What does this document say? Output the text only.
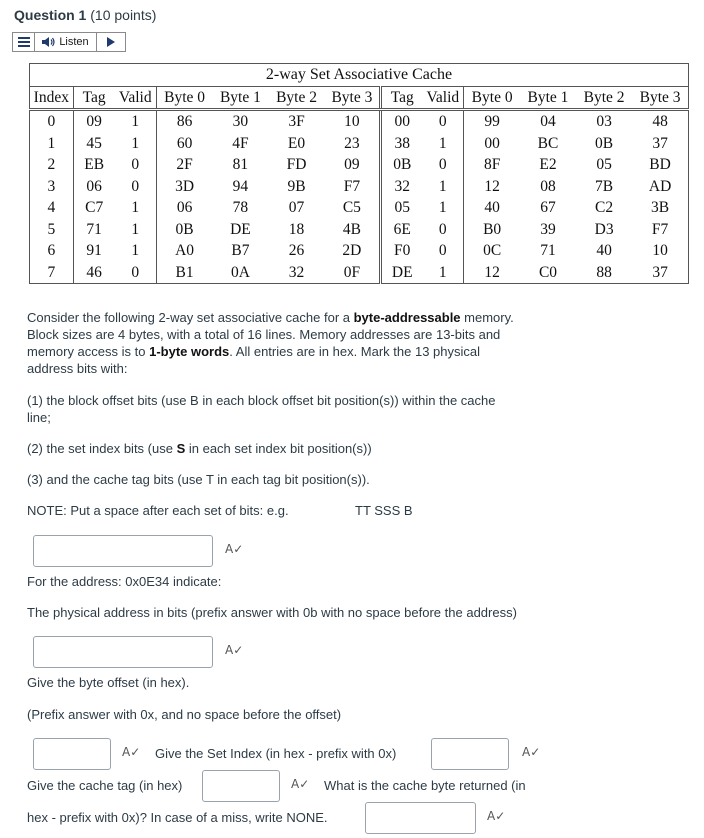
Question 1 (10 points)
Listen
2-way Set Associative Cache												
Index	Tag	Valid	Byte 0	Byte 1	Byte 2	Byte 3	Tag	Valid	Byte 0	Byte 1	Byte 2	Byte 3
0	09	1	86	30	3F	10	00	0	99	04	03	48
1	45	1	60	4F	E0	23	38	1	00	BC	0B	37
2	EB	0	2F	81	FD	09	0B	0	8F	E2	05	BD
3	06	0	3D	94	9B	F7	32	1	12	08	7B	AD
4	C7	1	06	78	07	C5	05	1	40	67	C2	3B
5	71	1	0B	DE	18	4B	6E	0	B0	39	D3	F7
6	91	1	A0	B7	26	2D	F0	0	0C	71	40	10
7	46	0	B1	0A	32	0F	DE	1	12	C0	88	37
Consider the following 2-way set associative cache for a byte-addressable memory.
Block sizes are 4 bytes, with a total of 16 lines. Memory addresses are 13-bits and
memory access is to 1-byte words. All entries are in hex. Mark the 13 physical
address bits with:
(1) the block offset bits (use B in each block offset bit position(s)) within the cache
line;
(2) the set index bits (use S in each set index bit position(s))
(3) and the cache tag bits (use T in each tag bit position(s)).
NOTE: Put a space after each set of bits: e.g.	TT SSS B
A✓
For the address: 0x0E34 indicate:
The physical address in bits (prefix answer with 0b with no space before the address)
A✓
Give the byte offset (in hex).
(Prefix answer with 0x, and no space before the offset)
A✓ Give the Set Index (in hex - prefix with 0x)	A✓
Give the cache tag (in hex)	A✓ What is the cache byte returned (in
hex - prefix with 0x)? In case of a miss, write NONE.	A✓
